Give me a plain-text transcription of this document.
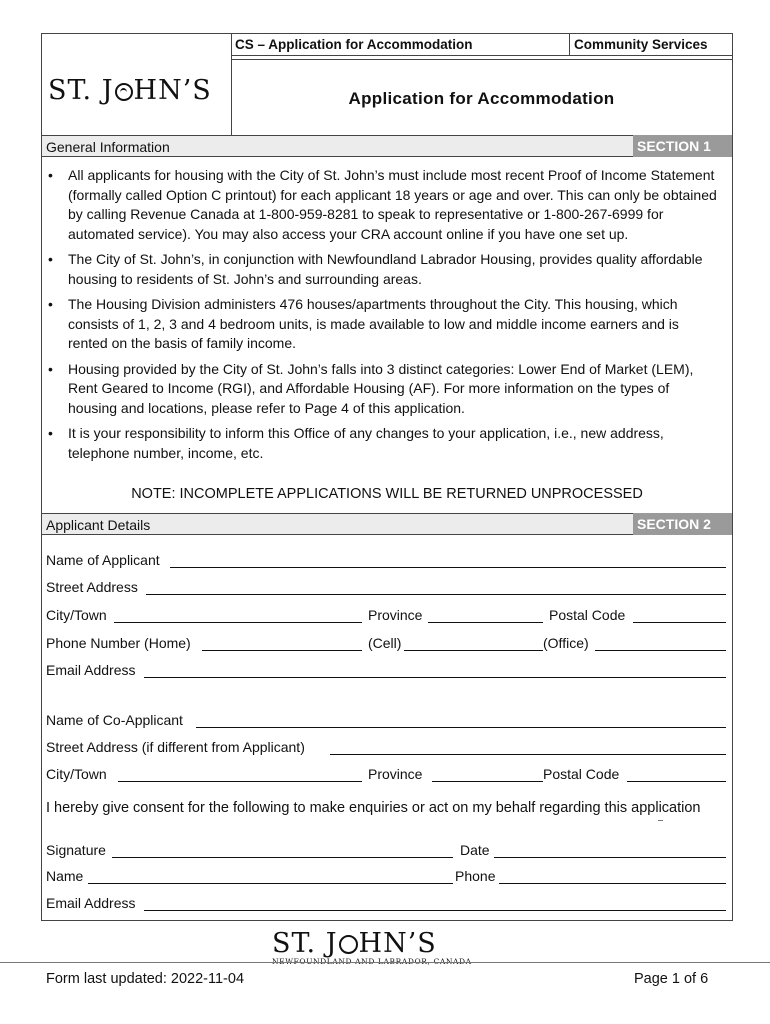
ST. J HN’S
CS – Application for Accommodation	Community Services
Application for Accommodation
General Information	SECTION 1
• All applicants for housing with the City of St. John’s must include most recent Proof of Income Statement (formally called Option C printout) for each applicant 18 years or age and over. This can only be obtained by calling Revenue Canada at 1-800-959-8281 to speak to representative or 1-800-267-6999 for automated service). You may also access your CRA account online if you have one set up.
• The City of St. John’s, in conjunction with Newfoundland Labrador Housing, provides quality affordable housing to residents of St. John’s and surrounding areas.
• The Housing Division administers 476 houses/apartments throughout the City. This housing, which consists of 1, 2, 3 and 4 bedroom units, is made available to low and middle income earners and is rented on the basis of family income.
• Housing provided by the City of St. John’s falls into 3 distinct categories: Lower End of Market (LEM), Rent Geared to Income (RGI), and Affordable Housing (AF). For more information on the types of housing and locations, please refer to Page 4 of this application.
• It is your responsibility to inform this Office of any changes to your application, i.e., new address, telephone number, income, etc.
NOTE: INCOMPLETE APPLICATIONS WILL BE RETURNED UNPROCESSED
Applicant Details	SECTION 2
Name of Applicant
Street Address
City/Town	Province	Postal Code
Phone Number (Home)	(Cell)	(Office)
Email Address
Name of Co-Applicant
Street Address (if different from Applicant)
City/Town	Province	Postal Code
I hereby give consent for the following to make enquiries or act on my behalf regarding this application
Signature	Date
Name	Phone
Email Address
ST. J HN’S
NEWFOUNDLAND AND LABRADOR, CANADA
Form last updated: 2022-11-04	Page 1 of 6
